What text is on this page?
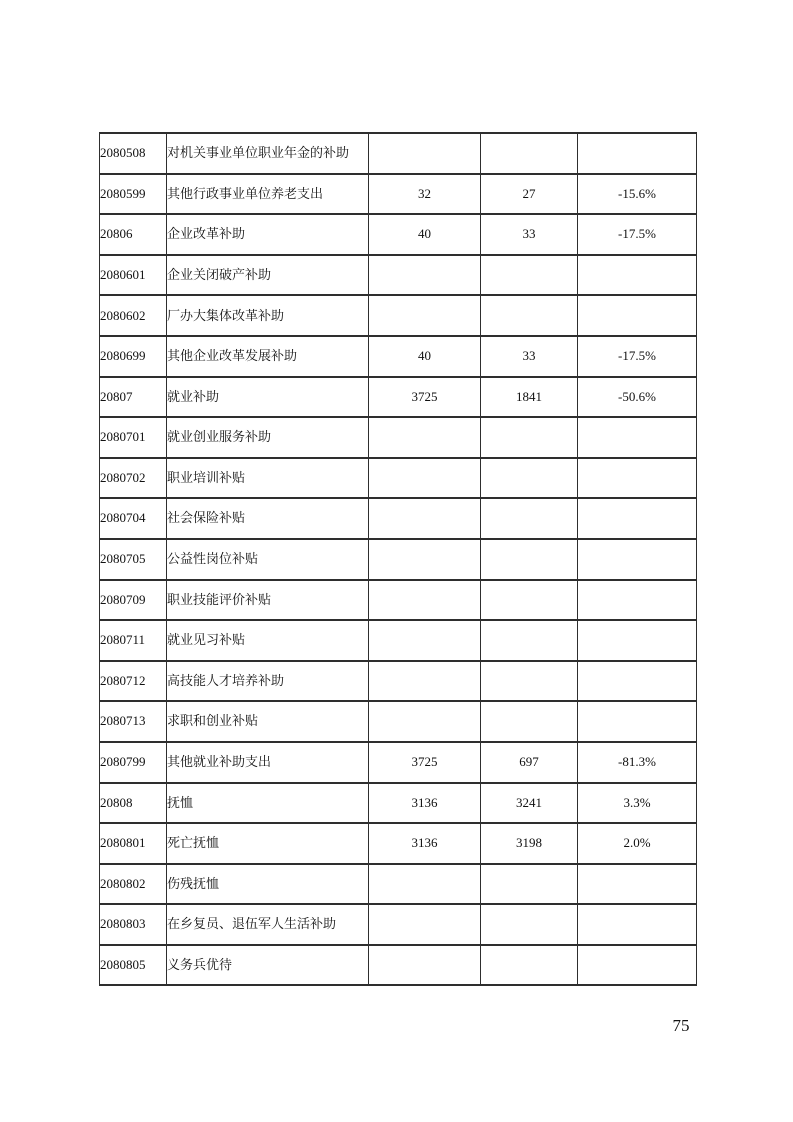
2080508	对机关事业单位职业年金的补助			
2080599	其他行政事业单位养老支出	32	27	-15.6%
20806	企业改革补助	40	33	-17.5%
2080601	企业关闭破产补助			
2080602	厂办大集体改革补助			
2080699	其他企业改革发展补助	40	33	-17.5%
20807	就业补助	3725	1841	-50.6%
2080701	就业创业服务补助			
2080702	职业培训补贴			
2080704	社会保险补贴			
2080705	公益性岗位补贴			
2080709	职业技能评价补贴			
2080711	就业见习补贴			
2080712	高技能人才培养补助			
2080713	求职和创业补贴			
2080799	其他就业补助支出	3725	697	-81.3%
20808	抚恤	3136	3241	3.3%
2080801	死亡抚恤	3136	3198	2.0%
2080802	伤残抚恤			
2080803	在乡复员、退伍军人生活补助			
2080805	义务兵优待			
75
